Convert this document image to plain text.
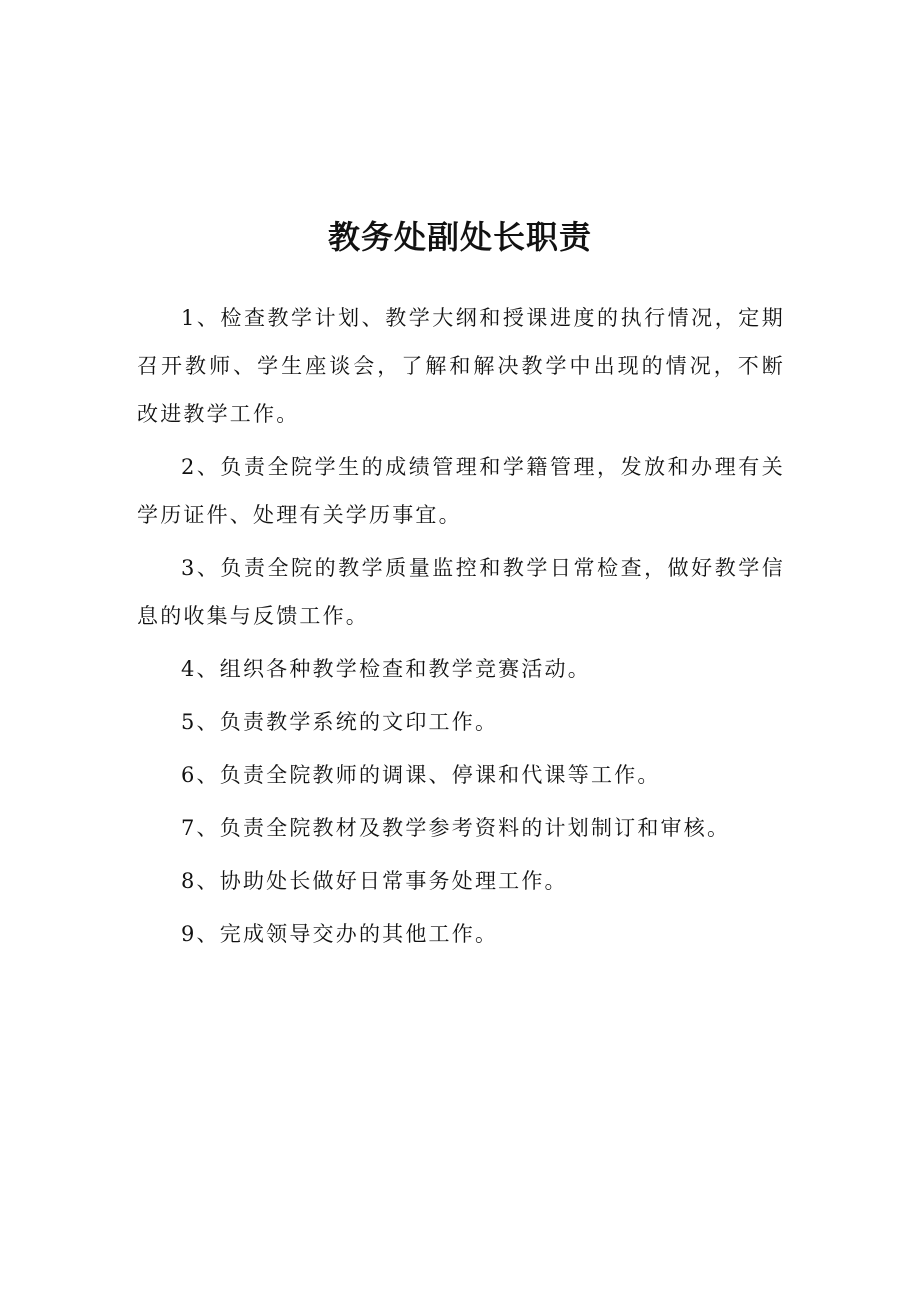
教务处副处长职责

1、检查教学计划、教学大纲和授课进度的执行情况，定期召开教师、学生座谈会，了解和解决教学中出现的情况，不断改进教学工作。

2、负责全院学生的成绩管理和学籍管理，发放和办理有关学历证件、处理有关学历事宜。

3、负责全院的教学质量监控和教学日常检查，做好教学信息的收集与反馈工作。

4、组织各种教学检查和教学竞赛活动。

5、负责教学系统的文印工作。

6、负责全院教师的调课、停课和代课等工作。

7、负责全院教材及教学参考资料的计划制订和审核。

8、协助处长做好日常事务处理工作。

9、完成领导交办的其他工作。
